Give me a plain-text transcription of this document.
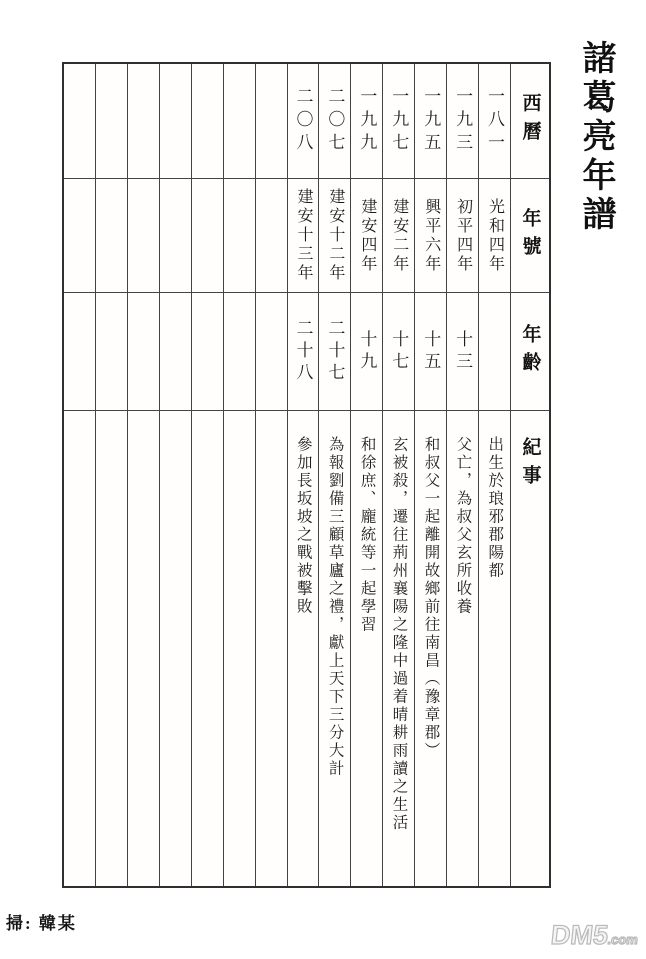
諸葛亮年譜
西曆
年號
年齡
紀事
一八一
光和四年
出生於琅邪郡陽都
一九三
初平四年
十三
父亡，為叔父玄所收養
一九五
興平六年
十五
和叔父一起離開故鄉前往南昌（豫章郡）
一九七
建安二年
十七
玄被殺，遷往荊州襄陽之隆中過着晴耕雨讀之生活
一九九
建安四年
十九
和徐庶、龐統等一起學習
二〇七
建安十二年
二十七
為報劉備三顧草廬之禮，獻上天下三分大計
二〇八
建安十三年
二十八
參加長坂坡之戰被擊敗
掃: 韓某	DM5.com
